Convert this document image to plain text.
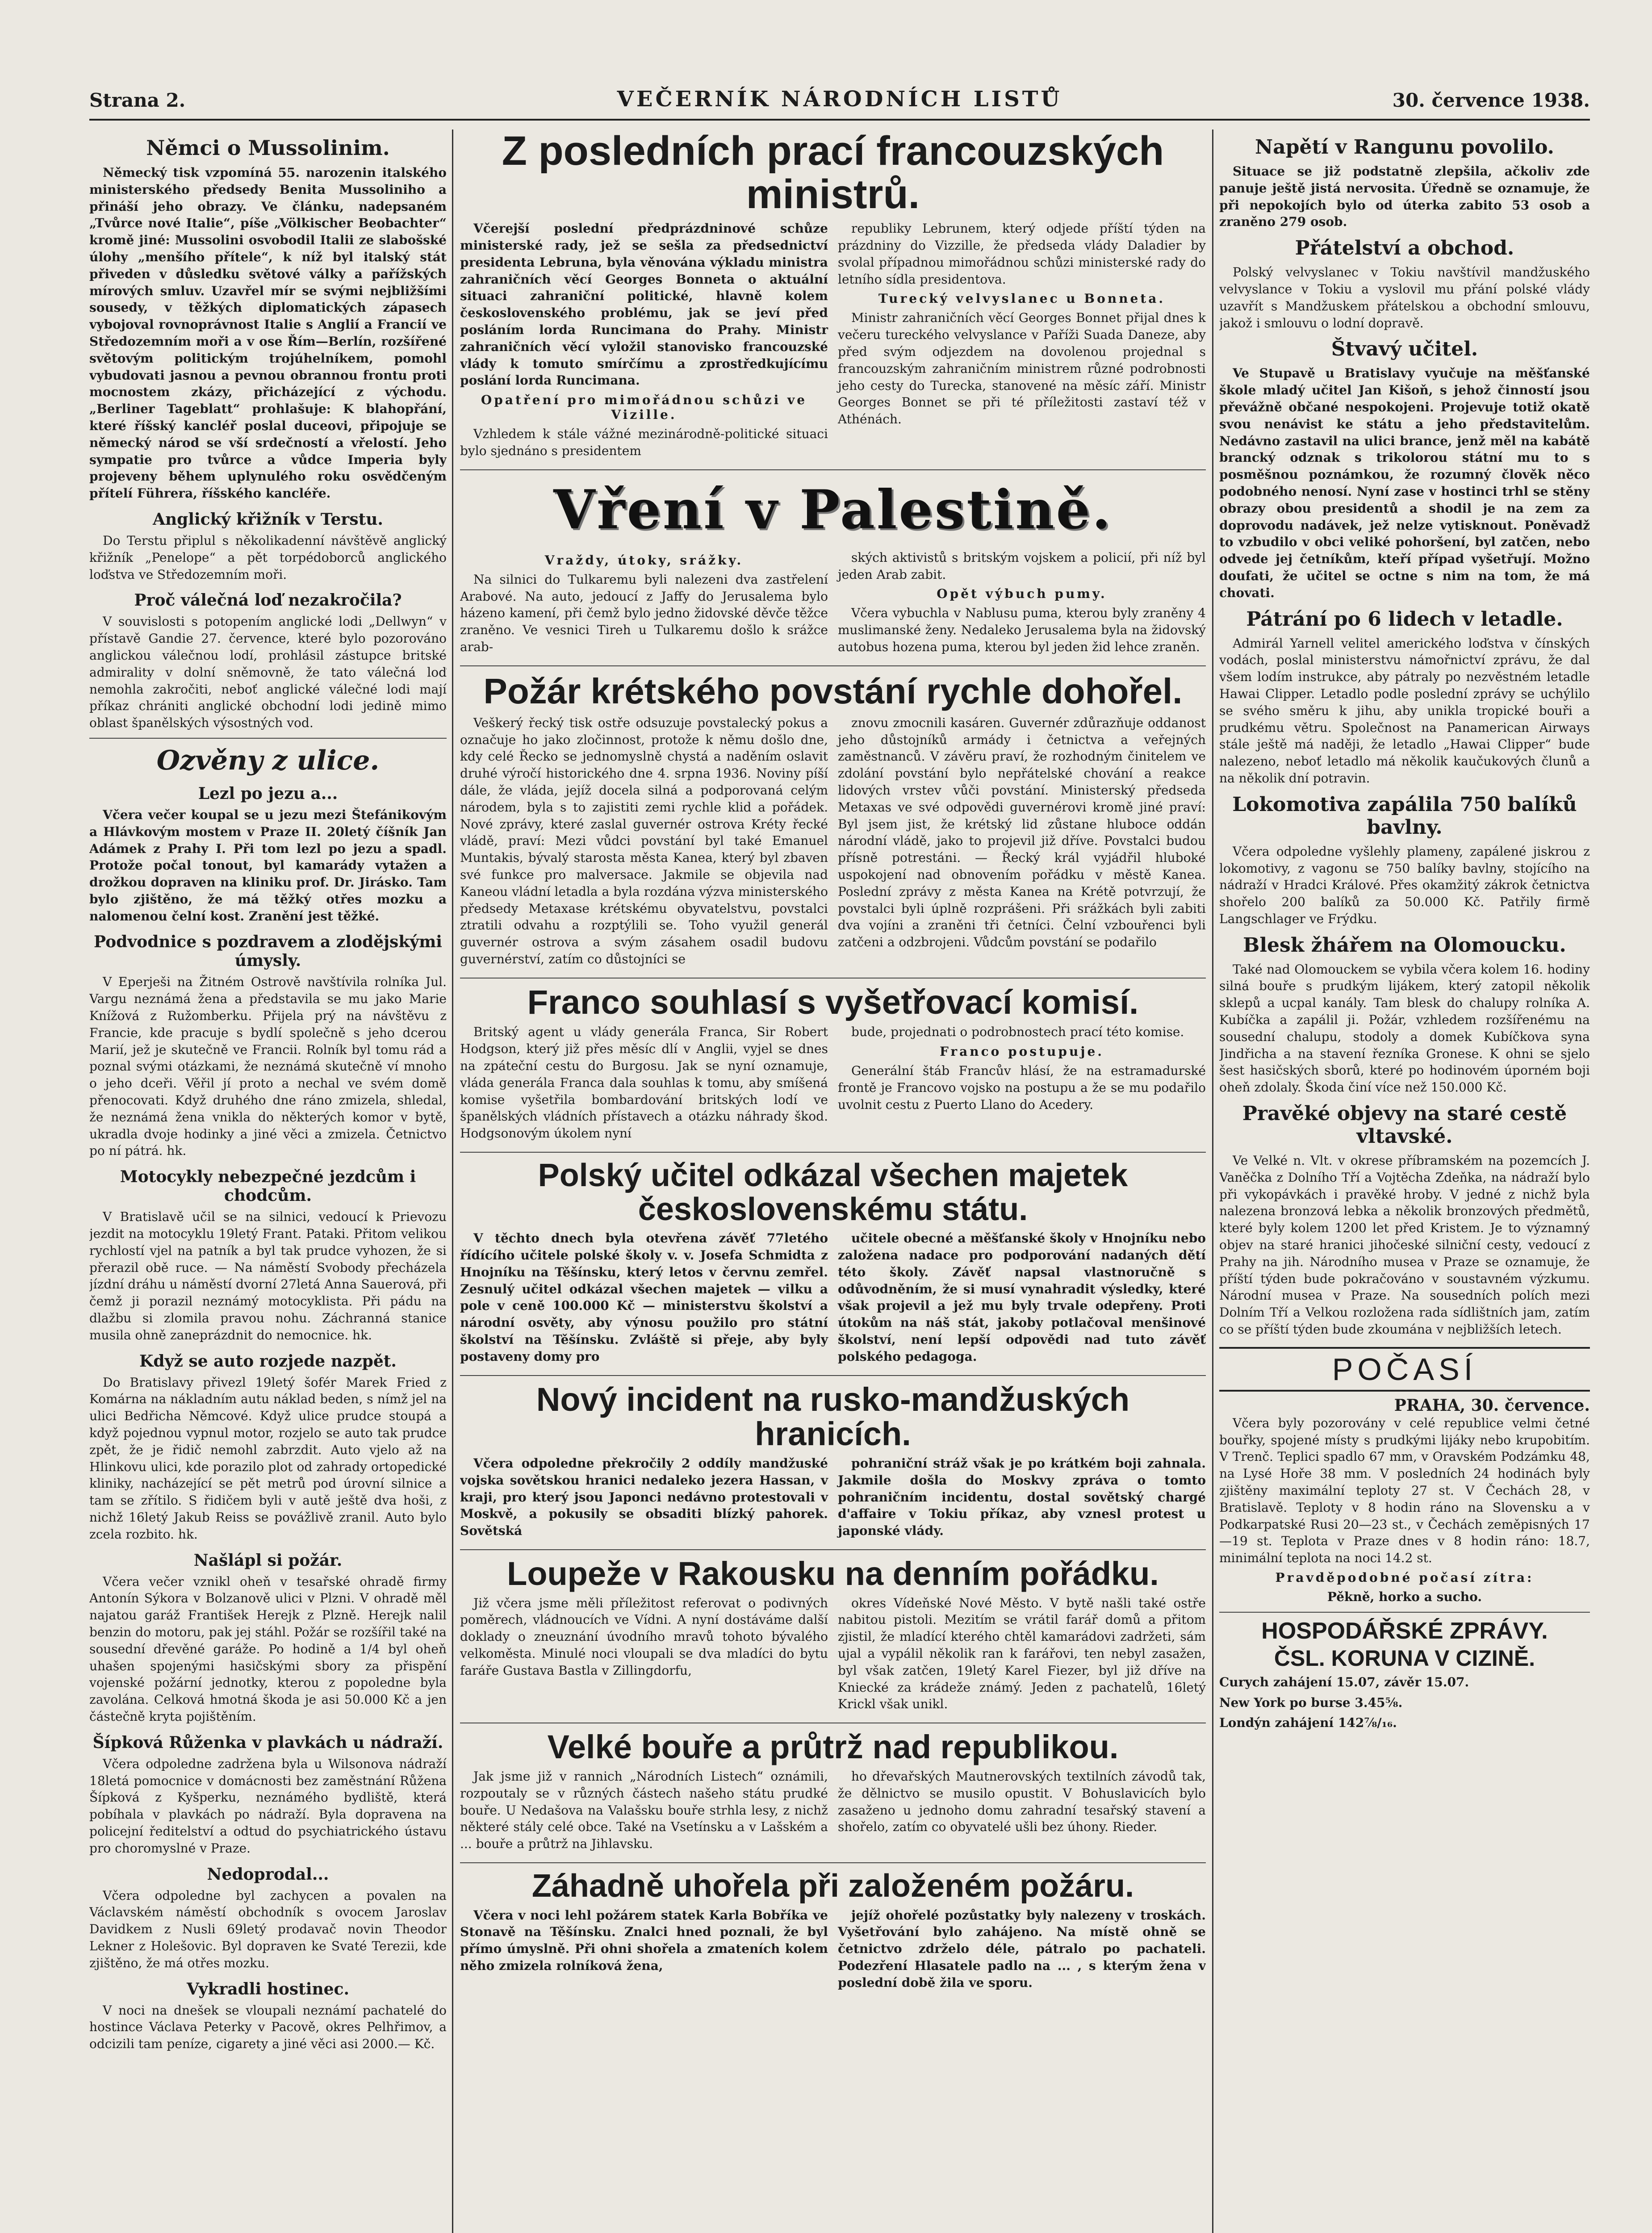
Strana 2.	VEČERNÍK NÁRODNÍCH LISTŮ	30. července 1938.
Němci o Mussolinim.

Německý tisk vzpomíná 55. narozenin italského ministerského předsedy Benita Mussoliniho a přináší jeho obrazy. Ve článku, nadepsaném „Tvůrce nové Italie“, píše „Völkischer Beobachter“ kromě jiné: Mussolini osvobodil Italii ze slabošské úlohy „menšího přítele“, k níž byl italský stát přiveden v důsledku světové války a pařížských mírových smluv. Uzavřel mír se svými nejbližšími sousedy, v těžkých diplomatických zápasech vybojoval rovnoprávnost Italie s Anglií a Francií ve Středozemním moři a v ose Řím—Berlín, rozšířené světovým politickým trojúhelníkem, pomohl vybudovati jasnou a pevnou obrannou frontu proti mocnostem zkázy, přicházející z východu. „Berliner Tageblatt“ prohlašuje: K blahopřání, které říšský kancléř poslal duceovi, připojuje se německý národ se vší srdečností a vřelostí. Jeho sympatie pro tvůrce a vůdce Imperia byly projeveny během uplynulého roku osvědčeným přítelí Führera, říšského kancléře.

Anglický křižník v Terstu.

Do Terstu připlul s několikadenní návštěvě anglický křižník „Penelope“ a pět torpédoborců anglického loďstva ve Středozemním moři.

Proč válečná loď nezakročila?

V souvislosti s potopením anglické lodi „Dellwyn“ v přístavě Gandie 27. července, které bylo pozorováno anglickou válečnou lodí, prohlásil zástupce britské admirality v dolní sněmovně, že tato válečná loď nemohla zakročiti, neboť anglické válečné lodi mají příkaz chrániti anglické obchodní lodi jedině mimo oblast španělských výsostných vod.

Ozvěny z ulice.
Lezl po jezu a...

Včera večer koupal se u jezu mezi Štefánikovým a Hlávkovým mostem v Praze II. 20letý číšník Jan Adámek z Prahy I. Při tom lezl po jezu a spadl. Protože počal tonout, byl kamarády vytažen a drožkou dopraven na kliniku prof. Dr. Jirásko. Tam bylo zjištěno, že má těžký otřes mozku a nalomenou čelní kost. Zranění jest těžké.

Podvodnice s pozdravem a zlodějskými úmysly.

V Eperješi na Žitném Ostrově navštívila rolníka Jul. Vargu neznámá žena a představila se mu jako Marie Knížová z Ružomberku. Přijela prý na návštěvu z Francie, kde pracuje s bydlí společně s jeho dcerou Marií, jež je skutečně ve Francii. Rolník byl tomu rád a poznal svými otázkami, že neznámá skutečně ví mnoho o jeho dceři. Věřil jí proto a nechal ve svém domě přenocovati. Když druhého dne ráno zmizela, shledal, že neznámá žena vnikla do některých komor v bytě, ukradla dvoje hodinky a jiné věci a zmizela. Četnictvo po ní pátrá. hk.

Motocykly nebezpečné jezdcům i chodcům.

V Bratislavě učil se na silnici, vedoucí k Prievozu jezdit na motocyklu 19letý Frant. Pataki. Přitom velikou rychlostí vjel na patník a byl tak prudce vyhozen, že si přerazil obě ruce. — Na náměstí Svobody přecházela jízdní dráhu u náměstí dvorní 27letá Anna Sauerová, při čemž ji porazil neznámý motocyklista. Při pádu na dlažbu si zlomila pravou nohu. Záchranná stanice musila ohně zaneprázdnit do nemocnice. hk.

Když se auto rozjede nazpět.

Do Bratislavy přivezl 19letý šofér Marek Fried z Komárna na nákladním autu náklad beden, s nímž jel na ulici Bedřicha Němcové. Když ulice prudce stoupá a když pojednou vypnul motor, rozjelo se auto tak prudce zpět, že je řidič nemohl zabrzdit. Auto vjelo až na Hlinkovu ulici, kde porazilo plot od zahrady ortopedické kliniky, nacházející se pět metrů pod úrovní silnice a tam se zřítilo. S řidičem byli v autě ještě dva hoši, z nichž 16letý Jakub Reiss se povážlivě zranil. Auto bylo zcela rozbito. hk.

Našlápl si požár.

Včera večer vznikl oheň v tesařské ohradě firmy Antonín Sýkora v Bolzanově ulici v Plzni. V ohradě měl najatou garáž František Herejk z Plzně. Herejk nalil benzin do motoru, pak jej stáhl. Požár se rozšířil také na sousední dřevěné garáže. Po hodině a 1/4 byl oheň uhašen spojenými hasičskými sbory za přispění vojenské požární jednotky, kterou z popoledne byla zavolána. Celková hmotná škoda je asi 50.000 Kč a jen částečně kryta pojištěním.

Šípková Růženka v plavkách u nádraží.

Včera odpoledne zadržena byla u Wilsonova nádraží 18letá pomocnice v domácnosti bez zaměstnání Růžena Šípková z Kyšperku, neznámého bydliště, která pobíhala v plavkách po nádraží. Byla dopravena na policejní ředitelství a odtud do psychiatrického ústavu pro choromyslné v Praze.

Nedoprodal...

Včera odpoledne byl zachycen a povalen na Václavském náměstí obchodník s ovocem Jaroslav Davidkem z Nusli 69letý prodavač novin Theodor Lekner z Holešovic. Byl dopraven ke Svaté Terezii, kde zjištěno, že má otřes mozku.

Vykradli hostinec.

V noci na dnešek se vloupali neznámí pachatelé do hostince Václava Peterky v Pacově, okres Pelhřimov, a odcizili tam peníze, cigarety a jiné věci asi 2000.— Kč.

Z posledních prací francouzských ministrů.

Včerejší poslední předprázdninové schůze ministerské rady, jež se sešla za předsednictví presidenta Lebruna, byla věnována výkladu ministra zahraničních věcí Georges Bonneta o aktuální situaci zahraniční politické, hlavně kolem československého problému, jak se jeví před posláním lorda Runcimana do Prahy. Ministr zahraničních věcí vyložil stanovisko francouzské vlády k tomuto smírčímu a zprostředkujícímu poslání lorda Runcimana.

Opatření pro mimořádnou schůzi ve Vizille.

Vzhledem k stále vážné mezinárodně-politické situaci bylo sjednáno s presidentem

republiky Lebrunem, který odjede příští týden na prázdniny do Vizzille, že předseda vlády Daladier by svolal případnou mimořádnou schůzi ministerské rady do letního sídla presidentova.

Turecký velvyslanec u Bonneta.

Ministr zahraničních věcí Georges Bonnet přijal dnes k večeru tureckého velvyslance v Paříži Suada Daneze, aby před svým odjezdem na dovolenou projednal s francouzským zahraničním ministrem různé podrobnosti jeho cesty do Turecka, stanovené na měsíc září. Ministr Georges Bonnet se při té příležitosti zastaví též v Athénách.

Vření v Palestině.
Vraždy, útoky, srážky.

Na silnici do Tulkaremu byli nalezeni dva zastřelení Arabové. Na auto, jedoucí z Jaffy do Jerusalema bylo házeno kamení, při čemž bylo jedno židovské děvče těžce zraněno. Ve vesnici Tireh u Tulkaremu došlo k srážce arab-

ských aktivistů s britským vojskem a policií, při níž byl jeden Arab zabit.

Opět výbuch pumy.

Včera vybuchla v Nablusu puma, kterou byly zraněny 4 muslimanské ženy. Nedaleko Jerusalema byla na židovský autobus hozena puma, kterou byl jeden žid lehce zraněn.

Požár krétského povstání rychle dohořel.

Veškerý řecký tisk ostře odsuzuje povstalecký pokus a označuje ho jako zločinnost, protože k němu došlo dne, kdy celé Řecko se jednomyslně chystá a naděním oslavit druhé výročí historického dne 4. srpna 1936. Noviny píší dále, že vláda, jejíž docela silná a podporovaná celým národem, byla s to zajistiti zemi rychle klid a pořádek. Nové zprávy, které zaslal guvernér ostrova Kréty řecké vládě, praví: Mezi vůdci povstání byl také Emanuel Muntakis, bývalý starosta města Kanea, který byl zbaven své funkce pro malversace. Jakmile se objevila nad Kaneou vládní letadla a byla rozdána výzva ministerského předsedy Metaxase krétskému obyvatelstvu, povstalci ztratili odvahu a rozptýlili se. Toho využil generál guvernér ostrova a svým zásahem osadil budovu guvernérství, zatím co důstojníci se

znovu zmocnili kasáren. Guvernér zdůrazňuje oddanost jeho důstojníků armády i četnictva a veřejných zaměstnanců. V závěru praví, že rozhodným činitelem ve zdolání povstání bylo nepřátelské chování a reakce lidových vrstev vůči povstání. Ministerský předseda Metaxas ve své odpovědi guvernérovi kromě jiné praví: Byl jsem jist, že krétský lid zůstane hluboce oddán národní vládě, jako to projevil již dříve. Povstalci budou přísně potrestáni. — Řecký král vyjádřil hluboké uspokojení nad obnovením pořádku v městě Kanea. Poslední zprávy z města Kanea na Krétě potvrzují, že povstalci byli úplně rozprášeni. Při srážkách byli zabiti dva vojíni a zraněni tři četníci. Čelní vzbouřenci byli zatčeni a odzbrojeni. Vůdcům povstání se podařilo

Franco souhlasí s vyšetřovací komisí.

Britský agent u vlády generála Franca, Sir Robert Hodgson, který již přes měsíc dlí v Anglii, vyjel se dnes na zpáteční cestu do Burgosu. Jak se nyní oznamuje, vláda generála Franca dala souhlas k tomu, aby smíšená komise vyšetřila bombardování britských lodí ve španělských vládních přístavech a otázku náhrady škod. Hodgsonovým úkolem nyní

bude, projednati o podrobnostech prací této komise.

Franco postupuje.

Generální štáb Francův hlásí, že na estramadurské frontě je Francovo vojsko na postupu a že se mu podařilo uvolnit cestu z Puerto Llano do Acedery.

Polský učitel odkázal všechen majetek československému státu.

V těchto dnech byla otevřena závěť 77letého řídícího učitele polské školy v. v. Josefa Schmidta z Hnojníku na Těšínsku, který letos v červnu zemřel. Zesnulý učitel odkázal všechen majetek — vilku a pole v ceně 100.000 Kč — ministerstvu školství a národní osvěty, aby výnosu použilo pro státní školství na Těšínsku. Zvláště si přeje, aby byly postaveny domy pro

učitele obecné a měšťanské školy v Hnojníku nebo založena nadace pro podporování nadaných dětí této školy. Závěť napsal vlastnoručně s odůvodněním, že si musí vynahradit výsledky, které však projevil a jež mu byly trvale odepřeny. Proti útokům na náš stát, jakoby potlačoval menšinové školství, není lepší odpovědi nad tuto závěť polského pedagoga.

Nový incident na rusko-mandžuských hranicích.

Včera odpoledne překročily 2 oddíly mandžuské vojska sovětskou hranici nedaleko jezera Hassan, v kraji, pro který jsou Japonci nedávno protestovali v Moskvě, a pokusily se obsaditi blízký pahorek. Sovětská

pohraniční stráž však je po krátkém boji zahnala. Jakmile došla do Moskvy zpráva o tomto pohraničním incidentu, dostal sovětský chargé d'affaire v Tokiu příkaz, aby vznesl protest u japonské vlády.

Loupeže v Rakousku na denním pořádku.

Již včera jsme měli příležitost referovat o podivných poměrech, vládnoucích ve Vídni. A nyní dostáváme další doklady o zneuznání úvodního mravů tohoto bývalého velkoměsta. Minulé noci vloupali se dva mladíci do bytu faráře Gustava Bastla v Zillingdorfu,

okres Vídeňské Nové Město. V bytě našli také ostře nabitou pistoli. Mezitím se vrátil farář domů a přitom zjistil, že mladící kterého chtěl kamarádovi zadržeti, sám ujal a vypálil několik ran k farářovi, ten nebyl zasažen, byl však zatčen, 19letý Karel Fiezer, byl již dříve na Kniecké za krádeže známý. Jeden z pachatelů, 16letý Krickl však unikl.

Velké bouře a průtrž nad republikou.

Jak jsme již v rannich „Národních Listech“ oznámili, rozpoutaly se v různých částech našeho státu prudké bouře. U Nedašova na Valašsku bouře strhla lesy, z nichž některé stály celé obce. Také na Vsetínsku a v Lašském a ... bouře a průtrž na Jihlavsku.

ho dřevařských Mautnerovských textilních závodů tak, že dělnictvo se musilo opustit. V Bohuslavicích bylo zasaženo u jednoho domu zahradní tesařský stavení a shořelo, zatím co obyvatelé ušli bez úhony. Rieder.

Záhadně uhořela při založeném požáru.

Včera v noci lehl požárem statek Karla Bobříka ve Stonavě na Těšínsku. Znalci hned poznali, že byl přímo úmyslně. Při ohni shořela a zmateních kolem něho zmizela rolníková žena,

jejíž ohořelé pozůstatky byly nalezeny v troskách. Vyšetřování bylo zahájeno. Na místě ohně se četnictvo zdrželo déle, pátralo po pachateli. Podezření Hlasatele padlo na ... , s kterým žena v poslední době žila ve sporu.

Napětí v Rangunu povolilo.

Situace se již podstatně zlepšila, ačkoliv zde panuje ještě jistá nervosita. Úředně se oznamuje, že při nepokojích bylo od úterka zabito 53 osob a zraněno 279 osob.

Přátelství a obchod.

Polský velvyslanec v Tokiu navštívil mandžuského velvyslance v Tokiu a vyslovil mu přání polské vlády uzavřít s Mandžuskem přátelskou a obchodní smlouvu, jakož i smlouvu o lodní dopravě.

Štvavý učitel.

Ve Stupavě u Bratislavy vyučuje na měšťanské škole mladý učitel Jan Kišoň, s jehož činností jsou převážně občané nespokojeni. Projevuje totiž okatě svou nenávist ke státu a jeho představitelům. Nedávno zastavil na ulici brance, jenž měl na kabátě brancký odznak s trikolorou státní mu to s posměšnou poznámkou, že rozumný člověk něco podobného nenosí. Nyní zase v hostinci trhl se stěny obrazy obou presidentů a shodil je na zem za doprovodu nadávek, jež nelze vytisknout. Poněvadž to vzbudilo v obci veliké pohoršení, byl zatčen, nebo odvede jej četníkům, kteří případ vyšetřují. Možno doufati, že učitel se octne s nim na tom, že má chovati.

Pátrání po 6 lidech v letadle.

Admirál Yarnell velitel amerického loďstva v čínských vodách, poslal ministerstvu námořnictví zprávu, že dal všem lodím instrukce, aby pátraly po nezvěstném letadle Hawai Clipper. Letadlo podle poslední zprávy se uchýlilo se svého směru k jihu, aby unikla tropické bouři a prudkému větru. Společnost na Panamerican Airways stále ještě má naději, že letadlo „Hawai Clipper“ bude nalezeno, neboť letadlo má několik kaučukových člunů a na několik dní potravin.

Lokomotiva zapálila 750 balíků bavlny.

Včera odpoledne vyšlehly plameny, zapálené jiskrou z lokomotivy, z vagonu se 750 balíky bavlny, stojícího na nádraží v Hradci Králové. Přes okamžitý zákrok četnictva shořelo 200 balíků za 50.000 Kč. Patřily firmě Langschlager ve Frýdku.

Blesk žhářem na Olomoucku.

Také nad Olomouckem se vybila včera kolem 16. hodiny silná bouře s prudkým lijákem, který zatopil několik sklepů a ucpal kanály. Tam blesk do chalupy rolníka A. Kubíčka a zapálil ji. Požár, vzhledem rozšířenému na sousední chalupu, stodoly a domek Kubíčkova syna Jindřicha a na stavení řezníka Gronese. K ohni se sjelo šest hasičských sborů, které po hodinovém úporném boji oheň zdolaly. Škoda činí více než 150.000 Kč.

Pravěké objevy na staré cestě vltavské.

Ve Velké n. Vlt. v okrese příbramském na pozemcích J. Vaněčka z Dolního Tří a Vojtěcha Zdeňka, na nádraží bylo při vykopávkách i pravěké hroby. V jedné z nichž byla nalezena bronzová lebka a několik bronzových předmětů, které byly kolem 1200 let před Kristem. Je to významný objev na staré hranici jihočeské silniční cesty, vedoucí z Prahy na jih. Národního musea v Praze se oznamuje, že příští týden bude pokračováno v soustavném výzkumu. Národní musea v Praze. Na sousedních polích mezi Dolním Tří a Velkou rozložena rada sídlištních jam, zatím co se příští týden bude zkoumána v nejbližších letech.

POČASÍ
PRAHA, 30. července.

Včera byly pozorovány v celé republice velmi četné bouřky, spojené místy s prudkými lijáky nebo krupobitím. V Trenč. Teplici spadlo 67 mm, v Oravském Podzámku 48, na Lysé Hoře 38 mm. V posledních 24 hodinách byly zjištěny maximální teploty 27 st. V Čechách 28, v Bratislavě. Teploty v 8 hodin ráno na Slovensku a v Podkarpatské Rusi 20—23 st., v Čechách zeměpisných 17—19 st. Teplota v Praze dnes v 8 hodin ráno: 18.7, minimální teplota na noci 14.2 st.

Pravděpodobné počasí zítra:

Pěkně, horko a sucho.

HOSPODÁŘSKÉ ZPRÁVY.
ČSL. KORUNA V CIZINĚ.

Curych zahájení 15.07, závěr 15.07.

New York po burse 3.45⅝.

Londýn zahájení 142⅞/₁₆.
